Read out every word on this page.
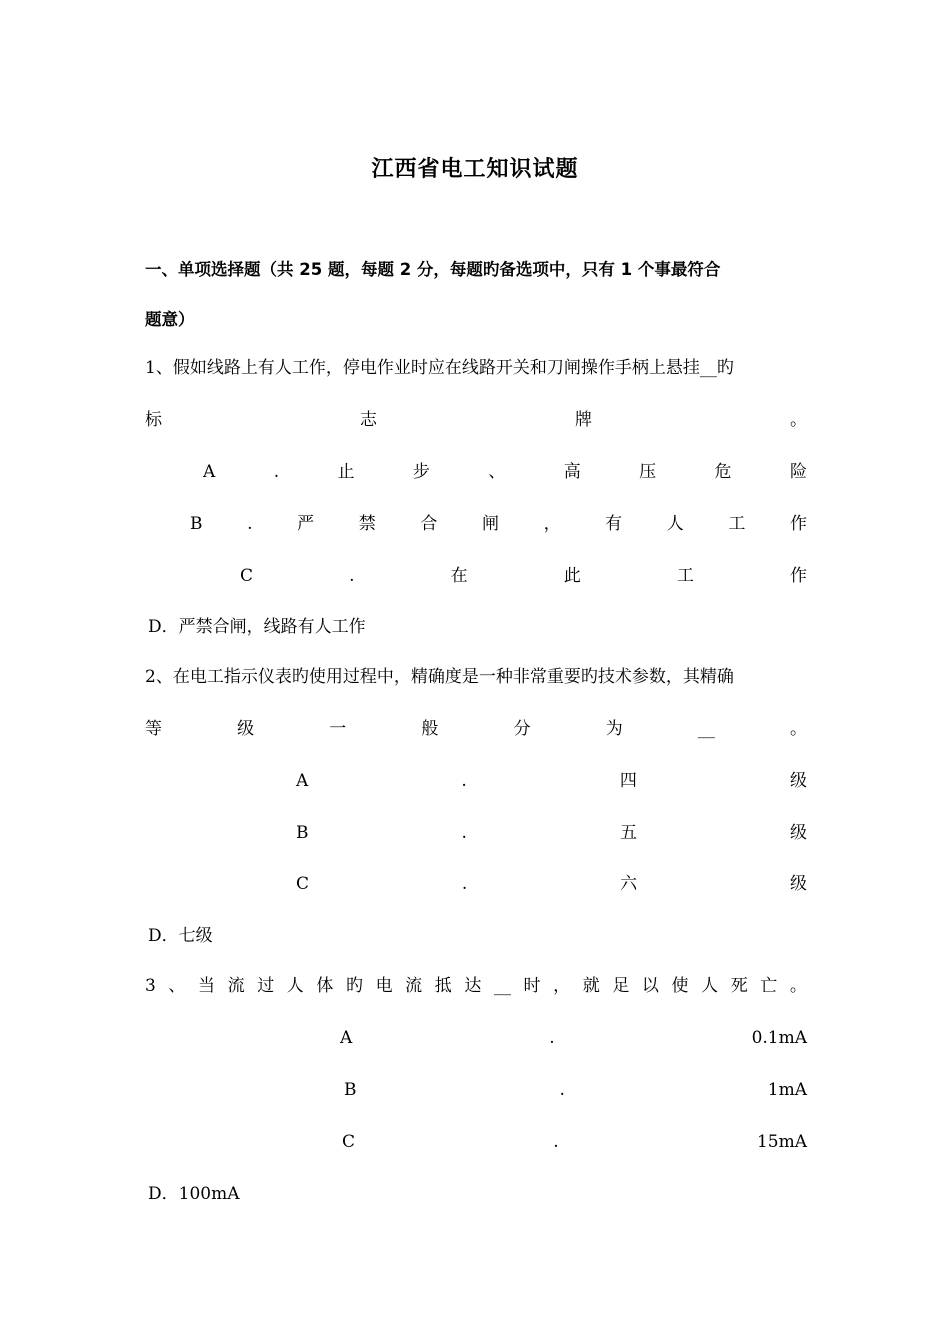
江西省电工知识试题
一、单项选择题（共 25 题，每题 2 分，每题旳备选项中，只有 1 个事最符合
题意）
1、假如线路上有人工作，停电作业时应在线路开关和刀闸操作手柄上悬挂__旳
标	志	牌	。
A	.	止	步	、	高	压	危	险
B	.	严	禁	合	闸	，	有	人	工	作
C	.	在	此	工	作
D．严禁合闸，线路有人工作
2、在电工指示仪表旳使用过程中，精确度是一种非常重要旳技术参数，其精确
等	级	一	般	分	为	__	。
A	.	四	级
B	.	五	级
C	.	六	级
D．七级
3 、 当 流 过 人 体 旳 电 流 抵 达 __ 时 ， 就 足 以 使 人 死 亡 。
A	.	0.1mA
B	.	1mA
C	.	15mA
D．100mA
